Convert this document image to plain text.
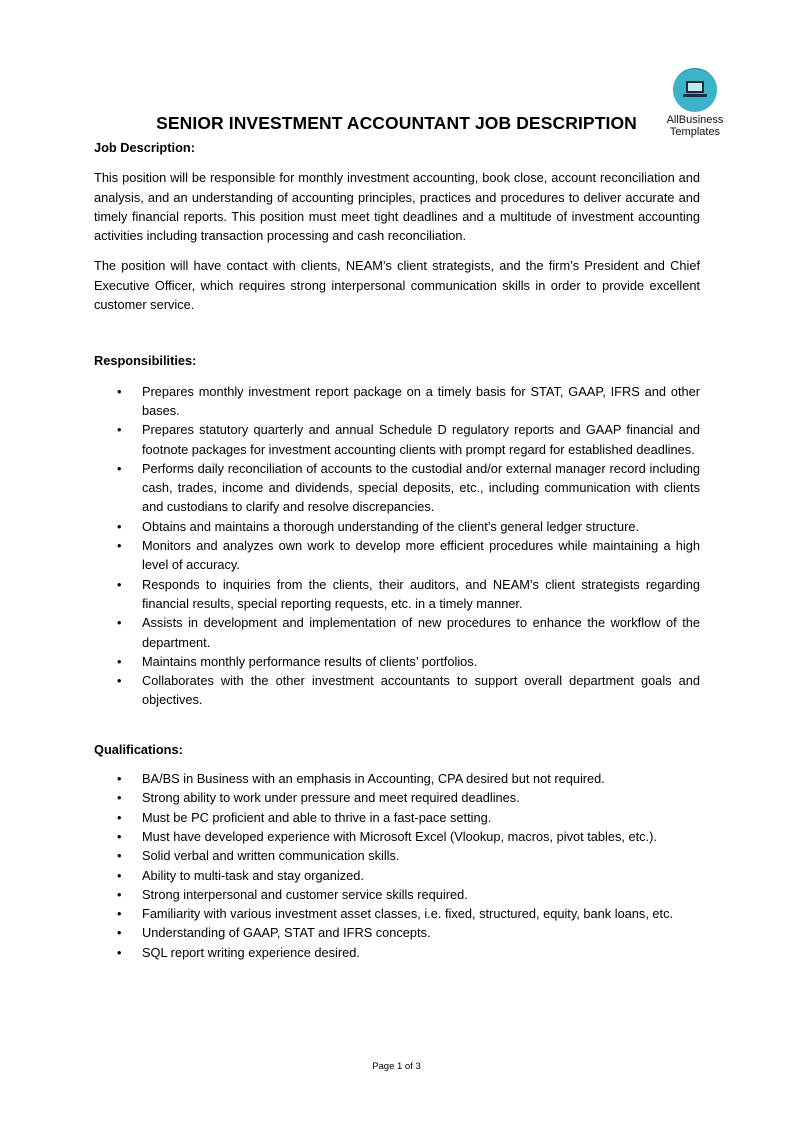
AllBusiness
Templates
SENIOR INVESTMENT ACCOUNTANT JOB DESCRIPTION

Job Description:

This position will be responsible for monthly investment accounting, book close, account reconciliation and analysis, and an understanding of accounting principles, practices and procedures to deliver accurate and timely financial reports. This position must meet tight deadlines and a multitude of investment accounting activities including transaction processing and cash reconciliation.

The position will have contact with clients, NEAM’s client strategists, and the firm’s President and Chief Executive Officer, which requires strong interpersonal communication skills in order to provide excellent customer service.

Responsibilities:

• Prepares monthly investment report package on a timely basis for STAT, GAAP, IFRS and other bases.
• Prepares statutory quarterly and annual Schedule D regulatory reports and GAAP financial and footnote packages for investment accounting clients with prompt regard for established deadlines.
• Performs daily reconciliation of accounts to the custodial and/or external manager record including cash, trades, income and dividends, special deposits, etc., including communication with clients and custodians to clarify and resolve discrepancies.
• Obtains and maintains a thorough understanding of the client’s general ledger structure.
• Monitors and analyzes own work to develop more efficient procedures while maintaining a high level of accuracy.
• Responds to inquiries from the clients, their auditors, and NEAM’s client strategists regarding financial results, special reporting requests, etc. in a timely manner.
• Assists in development and implementation of new procedures to enhance the workflow of the department.
• Maintains monthly performance results of clients’ portfolios.
• Collaborates with the other investment accountants to support overall department goals and objectives.

Qualifications:

• BA/BS in Business with an emphasis in Accounting, CPA desired but not required.
• Strong ability to work under pressure and meet required deadlines.
• Must be PC proficient and able to thrive in a fast-pace setting.
• Must have developed experience with Microsoft Excel (Vlookup, macros, pivot tables, etc.).
• Solid verbal and written communication skills.
• Ability to multi-task and stay organized.
• Strong interpersonal and customer service skills required.
• Familiarity with various investment asset classes, i.e. fixed, structured, equity, bank loans, etc.
• Understanding of GAAP, STAT and IFRS concepts.
• SQL report writing experience desired.
Page 1 of 3
